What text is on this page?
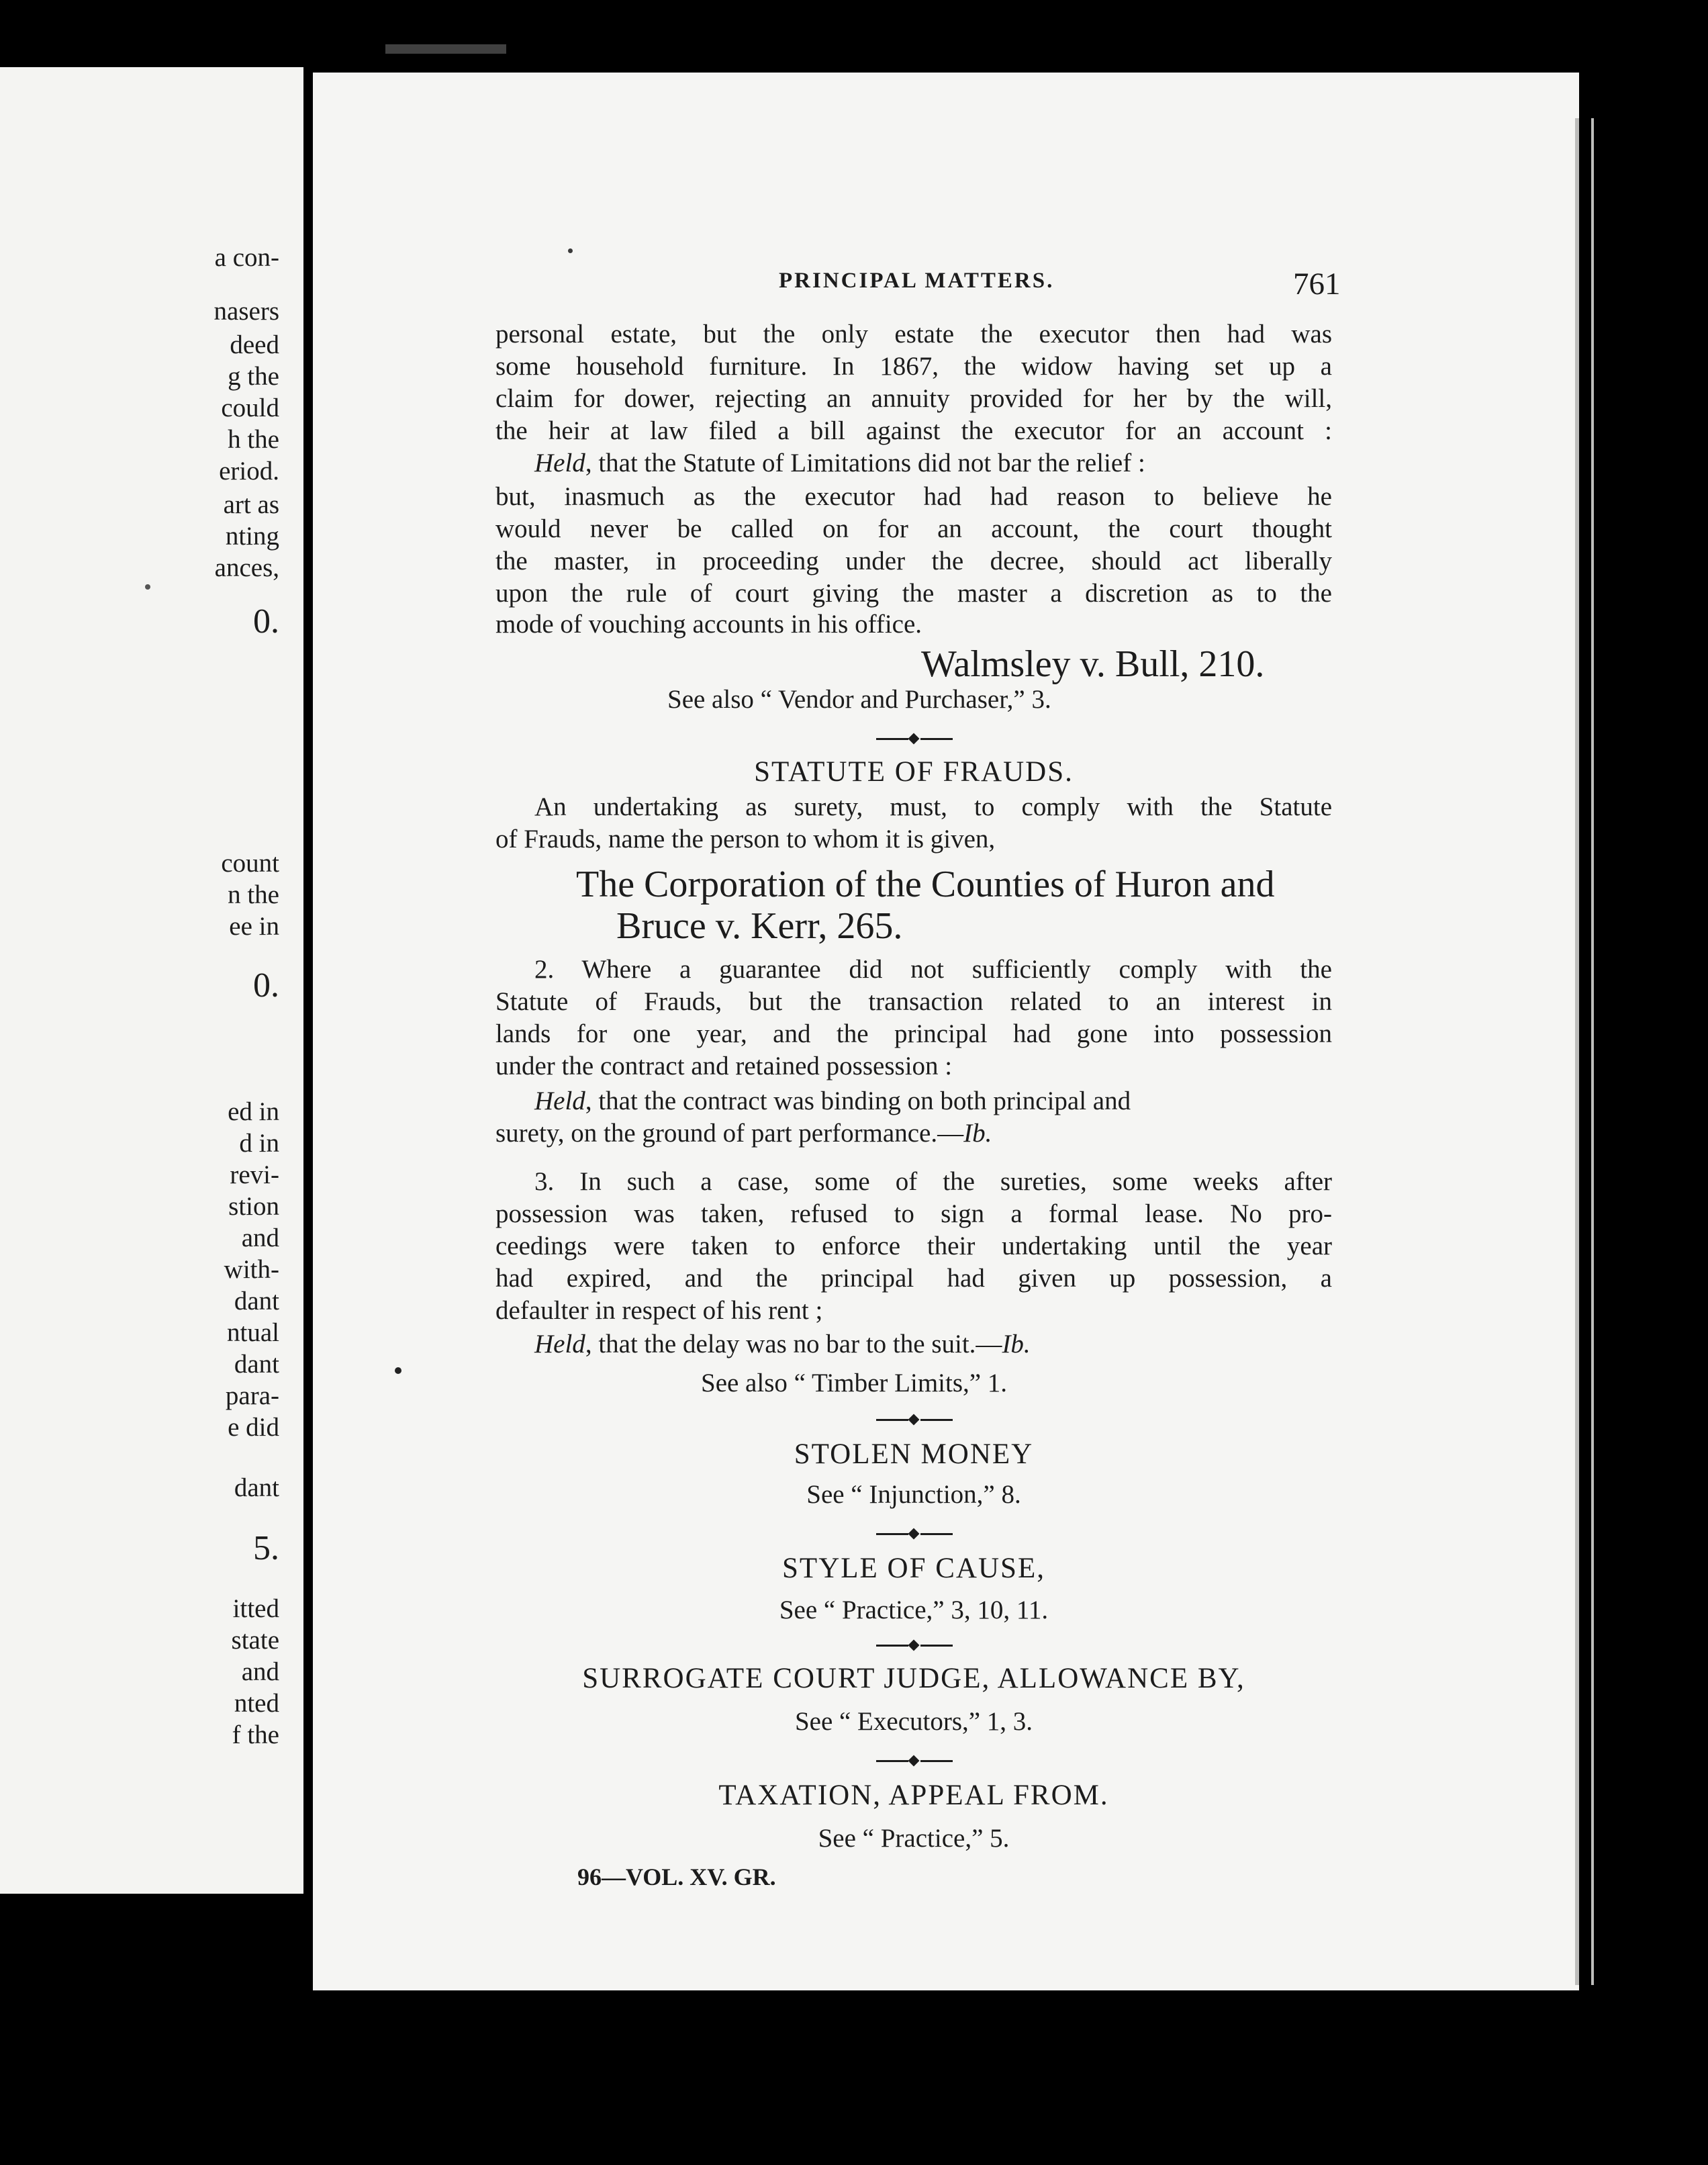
a con-
nasers
deed
g the
could
h the
eriod.
art as
nting
ances,
0.
count
n the
ee in
0.
ed in
d in
revi-
stion
and
with-
dant
ntual
dant
para-
e did
dant
5.
itted
state
and
nted
f the
PRINCIPAL MATTERS.	761
personal estate, but the only estate the executor then had was
some household furniture. In 1867, the widow having set up a
claim for dower, rejecting an annuity provided for her by the will,
the heir at law filed a bill against the executor for an account :
Held, that the Statute of Limitations did not bar the relief :
but, inasmuch as the executor had had reason to believe he
would never be called on for an account, the court thought
the master, in proceeding under the decree, should act liberally
upon the rule of court giving the master a discretion as to the
mode of vouching accounts in his office.
Walmsley v. Bull, 210.
See also “ Vendor and Purchaser,” 3.
STATUTE OF FRAUDS.
An undertaking as surety, must, to comply with the Statute
of Frauds, name the person to whom it is given,
The Corporation of the Counties of Huron and
Bruce v. Kerr, 265.
2. Where a guarantee did not sufficiently comply with the
Statute of Frauds, but the transaction related to an interest in
lands for one year, and the principal had gone into possession
under the contract and retained possession :
Held, that the contract was binding on both principal and
surety, on the ground of part performance.—Ib.
3. In such a case, some of the sureties, some weeks after
possession was taken, refused to sign a formal lease. No pro-
ceedings were taken to enforce their undertaking until the year
had expired, and the principal had given up possession, a
defaulter in respect of his rent ;
Held, that the delay was no bar to the suit.—Ib.
See also “ Timber Limits,” 1.
STOLEN MONEY
See “ Injunction,” 8.
STYLE OF CAUSE,
See “ Practice,” 3, 10, 11.
SURROGATE COURT JUDGE, ALLOWANCE BY,
See “ Executors,” 1, 3.
TAXATION, APPEAL FROM.
See “ Practice,” 5.
96—VOL. XV. GR.
